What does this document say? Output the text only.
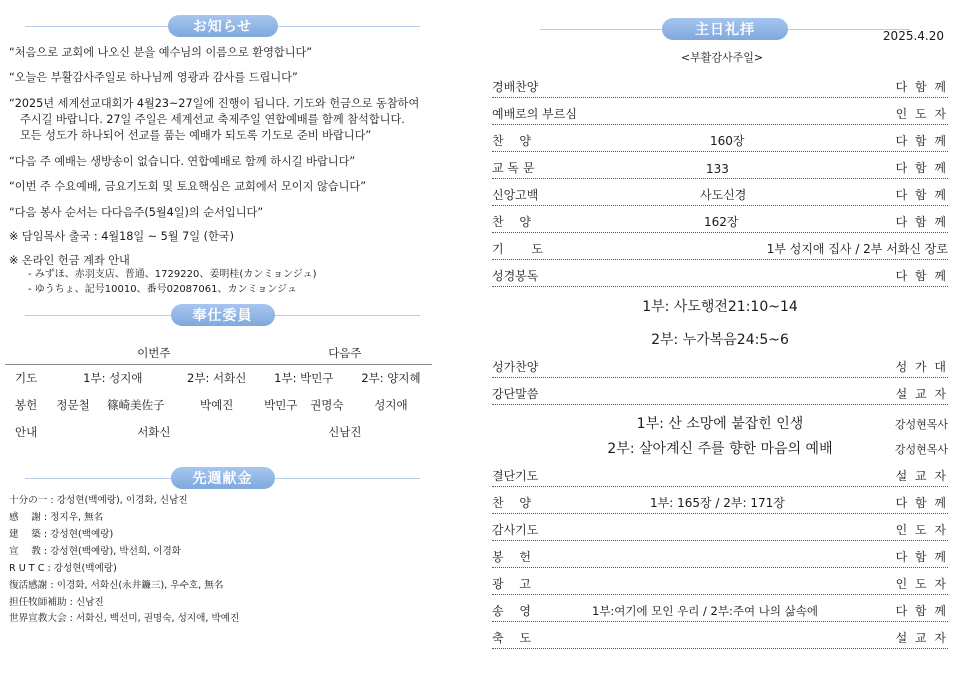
お知らせ
“처음으로 교회에 나오신 분을 예수님의 이름으로 환영합니다”
“오늘은 부활감사주일로 하나님께 영광과 감사를 드립니다”
“2025년 세계선교대회가 4월23~27일에 진행이 됩니다. 기도와 헌금으로 동참하여
주시길 바랍니다. 27일 주일은 세계선교 축제주일 연합예배를 함께 참석합니다.
모든 성도가 하나되어 선교를 품는 예배가 되도록 기도로 준비 바랍니다”
“다음 주 예배는 생방송이 없습니다. 연합예배로 함께 하시길 바랍니다”
“이번 주 수요예배, 금요기도회 및 토요핵심은 교회에서 모이지 않습니다”
“다음 봉사 순서는 다다음주(5월4일)의 순서입니다”
※ 담임목사 출국 : 4월18일 ~ 5월 7일 (한국)
※ 온라인 헌금 계좌 안내
- みずほ、赤羽支店、普通、1729220、姜明桂(カンミョンジュ)
- ゆうちょ、記号10010、番号02087061、カンミョンジュ
奉仕委員
	이번주			다음주		
기도	1부: 성지애		2부: 서화신	1부: 박민구		2부: 양지혜
봉헌	정문철	篠崎美佐子	박예진	박민구	권명숙	성지애
안내	서화신			신남진		
先週献金
十分の一 : 강성현(백예랑), 이경화, 신남진
感　 謝 : 정지우, 無名
建　 築 : 강성현(백예랑)
宣　 教 : 강성현(백예랑), 박선희, 이경화
R U T C : 강성현(백예랑)
復活感謝 : 이경화, 서화신(永井鐮三), 우수호, 無名
担任牧師補助 : 신남진
世界宣教大会 : 서화신, 백선미, 권명숙, 성지애, 박예진
主日礼拝	2025.4.20
<부활감사주일>
경배찬양	다 함 께
예배로의 부르심	인 도 자
찬　 양	160장	다 함 께
교 독 문	133	다 함 께
신앙고백	사도신경	다 함 께
찬　 양	162장	다 함 께
기　　 도	1부 성지애 집사 / 2부 서화신 장로
성경봉독	다 함 께
1부: 사도행전21:10~14
2부: 누가복음24:5~6
성가찬양	성 가 대
강단말씀	설 교 자
1부: 산 소망에 붙잡힌 인생	강성현목사
2부: 살아계신 주를 향한 마음의 예배	강성현목사
결단기도	설 교 자
찬　 양	1부: 165장 / 2부: 171장	다 함 께
감사기도	인 도 자
봉　 헌	다 함 께
광　 고	인 도 자
송　 영	1부:여기에 모인 우리 / 2부:주여 나의 삶속에	다 함 께
축　 도	설 교 자
